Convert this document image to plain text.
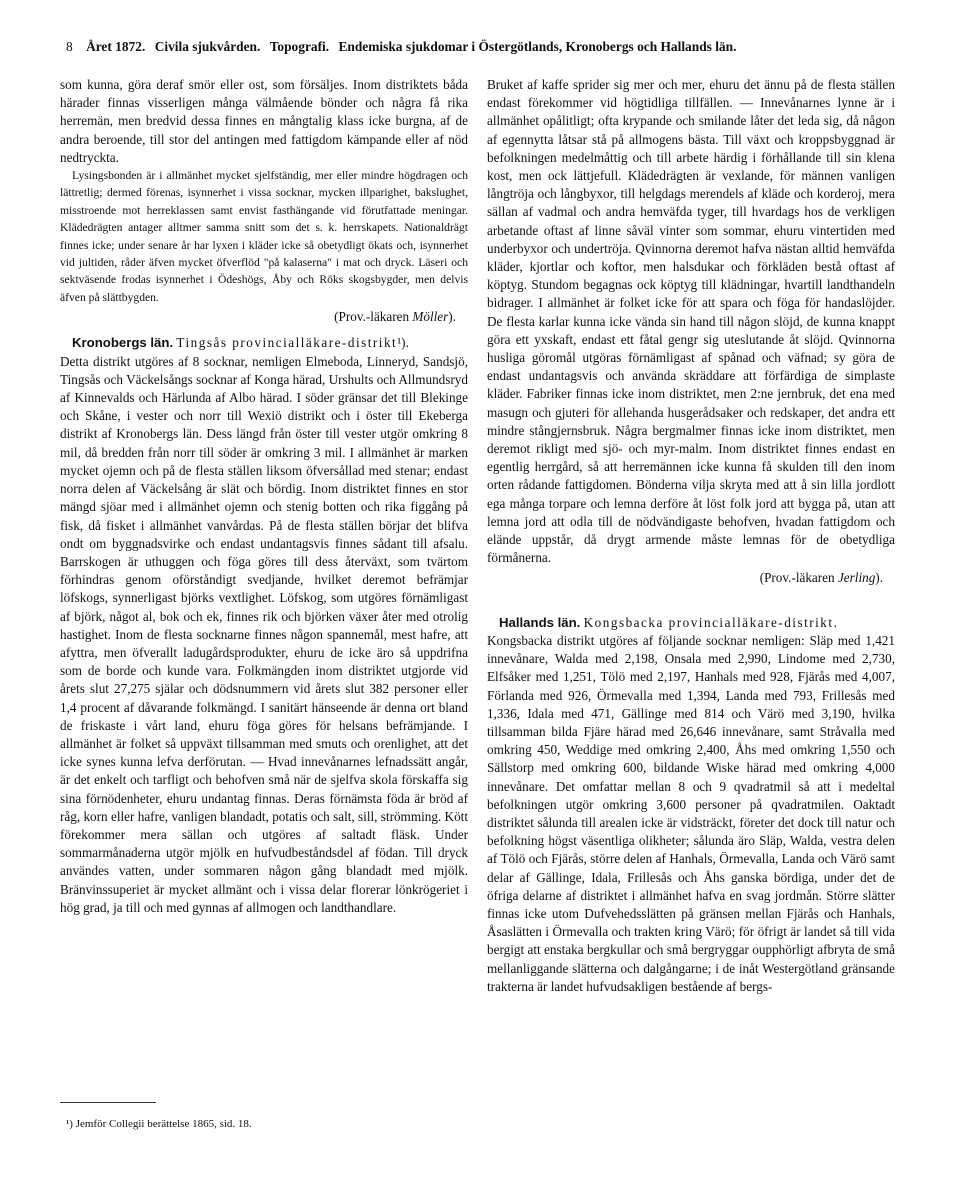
8 Året 1872. Civila sjukvården. Topografi. Endemiska sjukdomar i Östergötlands, Kronobergs och Hallands län.

som kunna, göra deraf smör eller ost, som försäljes. Inom distriktets båda härader finnas visserligen många välmående bönder och några få rika herremän, men bredvid dessa finnes en mångtalig klass icke burgna, af de andra beroende, till stor del antingen med fattigdom kämpande eller af nöd nedtryckta.

Lysingsbonden är i allmänhet mycket sjelfständig, mer eller mindre högdragen och lättretlig; dermed förenas, isynnerhet i vissa socknar, mycken illparighet, bakslughet, misstroende mot herreklassen samt envist fasthängande vid förutfattade meningar. Klädedrägten antager alltmer samma snitt som det s. k. herrskapets. Nationaldrägt finnes icke; under senare år har lyxen i kläder icke så obetydligt ökats och, isynnerhet vid jultiden, råder äfven mycket öfverflöd "på kalaserna" i mat och dryck. Läseri och sektväsende frodas isynnerhet i Ödeshögs, Åby och Röks skogsbygder, men delvis äfven på slättbygden.

(Prov.-läkaren Möller).

Kronobergs län. Tingsås provincialläkare-distrikt¹).

Detta distrikt utgöres af 8 socknar, nemligen Elmeboda, Linneryd, Sandsjö, Tingsås och Väckelsångs socknar af Konga härad, Urshults och Allmundsryd af Kinnevalds och Härlunda af Albo härad. I söder gränsar det till Blekinge och Skåne, i vester och norr till Wexiö distrikt och i öster till Ekeberga distrikt af Kronobergs län. Dess längd från öster till vester utgör omkring 8 mil, då bredden från norr till söder är omkring 3 mil. I allmänhet är marken mycket ojemn och på de flesta ställen liksom öfversållad med stenar; endast norra delen af Väckelsång är slät och bördig. Inom distriktet finnes en stor mängd sjöar med i allmänhet ojemn och stenig botten och rika figgång på fisk, då fisket i allmänhet vanvårdas. På de flesta ställen börjar det blifva ondt om byggnadsvirke och endast undantagsvis finnes sådant till afsalu. Barrskogen är uthuggen och föga göres till dess återväxt, som tvärtom förhindras genom oförståndigt svedjande, hvilket deremot befrämjar löfskogs, synnerligast björks vextlighet. Löfskog, som utgöres förnämligast af björk, något al, bok och ek, finnes rik och björken växer åter med otrolig hastighet. Inom de flesta socknarne finnes någon spannemål, mest hafre, att afyttra, men öfverallt ladugårdsprodukter, ehuru de icke äro så uppdrifna som de borde och kunde vara. Folkmängden inom distriktet utgjorde vid årets slut 27,275 själar och dödsnummern vid årets slut 382 personer eller 1,4 procent af dåvarande folkmängd. I sanitärt hänseende är denna ort bland de friskaste i vårt land, ehuru föga göres för helsans befrämjande. I allmänhet är folket så uppväxt tillsamman med smuts och orenlighet, att det icke synes kunna lefva derförutan. — Hvad innevånarnes lefnadssätt angår, är det enkelt och tarfligt och behofven små när de sjelfva skola förskaffa sig sina förnödenheter, ehuru undantag finnas. Deras förnämsta föda är bröd af råg, korn eller hafre, vanligen blandadt, potatis och salt, sill, strömming. Kött förekommer mera sällan och utgöres af saltadt fläsk. Under sommarmånaderna utgör mjölk en hufvudbeståndsdel af födan. Till dryck användes vatten, under sommaren någon gång blandadt med mjölk. Bränvinssuperiet är mycket allmänt och i vissa delar florerar lönkrögeriet i hög grad, ja till och med gynnas af allmogen och landthandlare.

Bruket af kaffe sprider sig mer och mer, ehuru det ännu på de flesta ställen endast förekommer vid högtidliga tillfällen. — Innevånarnes lynne är i allmänhet opålitligt; ofta krypande och smilande låter det leda sig, då någon af egennytta låtsar stå på allmogens bästa. Till växt och kroppsbyggnad är befolkningen medelmåttig och till arbete härdig i förhållande till sin klena kost, men ock lättjefull. Klädedrägten är vexlande, för männen vanligen långtröja och långbyxor, till helgdags merendels af kläde och korderoj, mera sällan af vadmal och andra hemväfda tyger, till hvardags hos de verkligen arbetande oftast af linne såväl vinter som sommar, ehuru vintertiden med underbyxor och undertröja. Qvinnorna deremot hafva nästan alltid hemväfda kläder, kjortlar och koftor, men halsdukar och förkläden bestå oftast af köptyg. Stundom begagnas ock köptyg till klädningar, hvartill landthandeln bidrager. I allmänhet är folket icke för att spara och föga för handaslöjder. De flesta karlar kunna icke vända sin hand till någon slöjd, de kunna knappt göra ett yxskaft, endast ett fåtal gengr sig uteslutande åt slöjd. Qvinnorna husliga göromål utgöras förnämligast af spånad och väfnad; sy göra de endast undantagsvis och använda skräddare att förfärdiga de simplaste kläder. Fabriker finnas icke inom distriktet, men 2:ne jernbruk, det ena med masugn och gjuteri för allehanda husgerådsaker och redskaper, det andra ett mindre stångjernsbruk. Några bergmalmer finnas icke inom distriktet, men deremot rikligt med sjö- och myr-malm. Inom distriktet finnes endast en egentlig herrgård, så att herremännen icke kunna få skulden till den inom orten rådande fattigdomen. Bönderna vilja skryta med att å sin lilla jordlott ega många torpare och lemna derföre åt löst folk jord att bygga på, utan att lemna jord att odla till de nödvändigaste behofven, hvadan fattigdom och elände uppstår, då drygt armende måste lemnas för de obetydliga förmånerna.

(Prov.-läkaren Jerling).

Hallands län. Kongsbacka provincialläkare-distrikt.

Kongsbacka distrikt utgöres af följande socknar nemligen: Släp med 1,421 innevånare, Walda med 2,198, Onsala med 2,990, Lindome med 2,730, Elfsåker med 1,251, Tölö med 2,197, Hanhals med 928, Fjärås med 4,007, Förlanda med 926, Örmevalla med 1,394, Landa med 793, Frillesås med 1,336, Idala med 471, Gällinge med 814 och Värö med 3,190, hvilka tillsamman bilda Fjäre härad med 26,646 innevånare, samt Stråvalla med omkring 450, Weddige med omkring 2,400, Åhs med omkring 1,550 och Sällstorp med omkring 600, bildande Wiske härad med omkring 4,000 innevånare. Det omfattar mellan 8 och 9 qvadratmil så att i medeltal befolkningen utgör omkring 3,600 personer på qvadratmilen. Oaktadt distriktet sålunda till arealen icke är vidsträckt, företer det dock till natur och befolkning högst väsentliga olikheter; sålunda äro Släp, Walda, vestra delen af Tölö och Fjärås, större delen af Hanhals, Örmevalla, Landa och Värö samt delar af Gällinge, Idala, Frillesås och Åhs ganska bördiga, under det de öfriga delarne af distriktet i allmänhet hafva en svag jordmån. Större slätter finnas icke utom Dufvehedsslätten på gränsen mellan Fjärås och Hanhals, Åsaslätten i Örmevalla och trakten kring Värö; för öfrigt är landet så till vida bergigt att enstaka bergkullar och små bergryggar oupphörligt afbryta de små mellanliggande slätterna och dalgångarne; i de inåt Westergötland gränsande trakterna är landet hufvudsakligen bestående af bergs-

¹) Jemför Collegii berättelse 1865, sid. 18.
